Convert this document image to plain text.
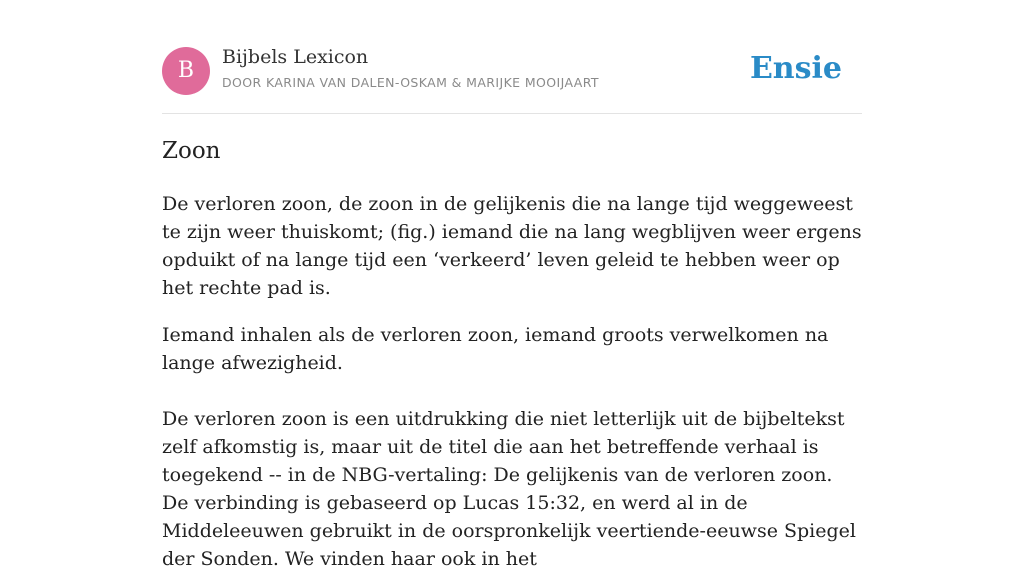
B
Bijbels Lexicon
DOOR KARINA VAN DALEN-OSKAM & MARIJKE MOOIJAART	Ensie
Zoon

De verloren zoon, de zoon in de gelijkenis die na lange tijd weggeweest te zijn weer thuiskomt; (fig.) iemand die na lang wegblijven weer ergens opduikt of na lange tijd een ‘verkeerd’ leven geleid te hebben weer op het rechte pad is.

Iemand inhalen als de verloren zoon, iemand groots verwelkomen na lange afwezigheid.

De verloren zoon is een uitdrukking die niet letterlijk uit de bijbeltekst zelf afkomstig is, maar uit de titel die aan het betreffende verhaal is toegekend -- in de NBG-vertaling: De gelijkenis van de verloren zoon. De verbinding is gebaseerd op Lucas 15:32, en werd al in de Middeleeuwen gebruikt in de oorspronkelijk veertiende-eeuwse Spiegel der Sonden. We vinden haar ook in het
